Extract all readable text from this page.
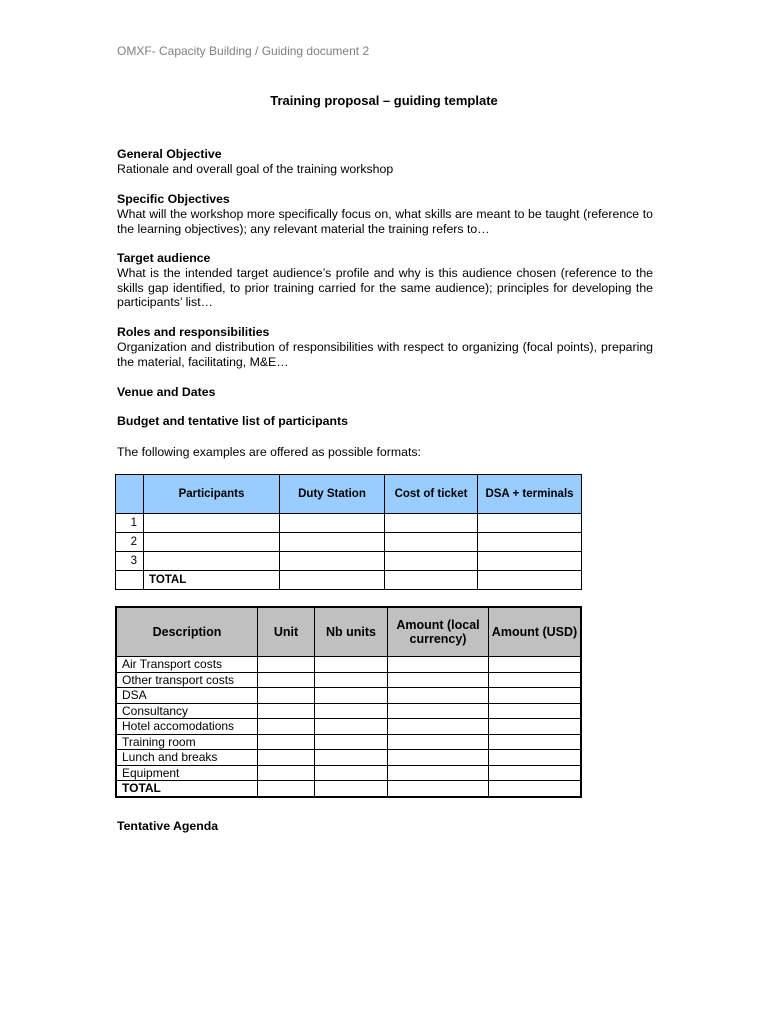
OMXF- Capacity Building / Guiding document 2
Training proposal – guiding template
General Objective

Rationale and overall goal of the training workshop

Specific Objectives

What will the workshop more specifically focus on, what skills are meant to be taught (reference to the learning objectives); any relevant material the training refers to…

Target audience

What is the intended target audience’s profile and why is this audience chosen (reference to the skills gap identified, to prior training carried for the same audience); principles for developing the participants’ list…

Roles and responsibilities

Organization and distribution of responsibilities with respect to organizing (focal points), preparing the material, facilitating, M&E…

Venue and Dates
Budget and tentative list of participants

The following examples are offered as possible formats:

	Participants	Duty Station	Cost of ticket	DSA + terminals
1				
2				
3				
	TOTAL			
Description	Unit	Nb units	Amount (local currency)	Amount (USD)
Air Transport costs				
Other transport costs				
DSA				
Consultancy				
Hotel accomodations				
Training room				
Lunch and breaks				
Equipment				
TOTAL				
Tentative Agenda
